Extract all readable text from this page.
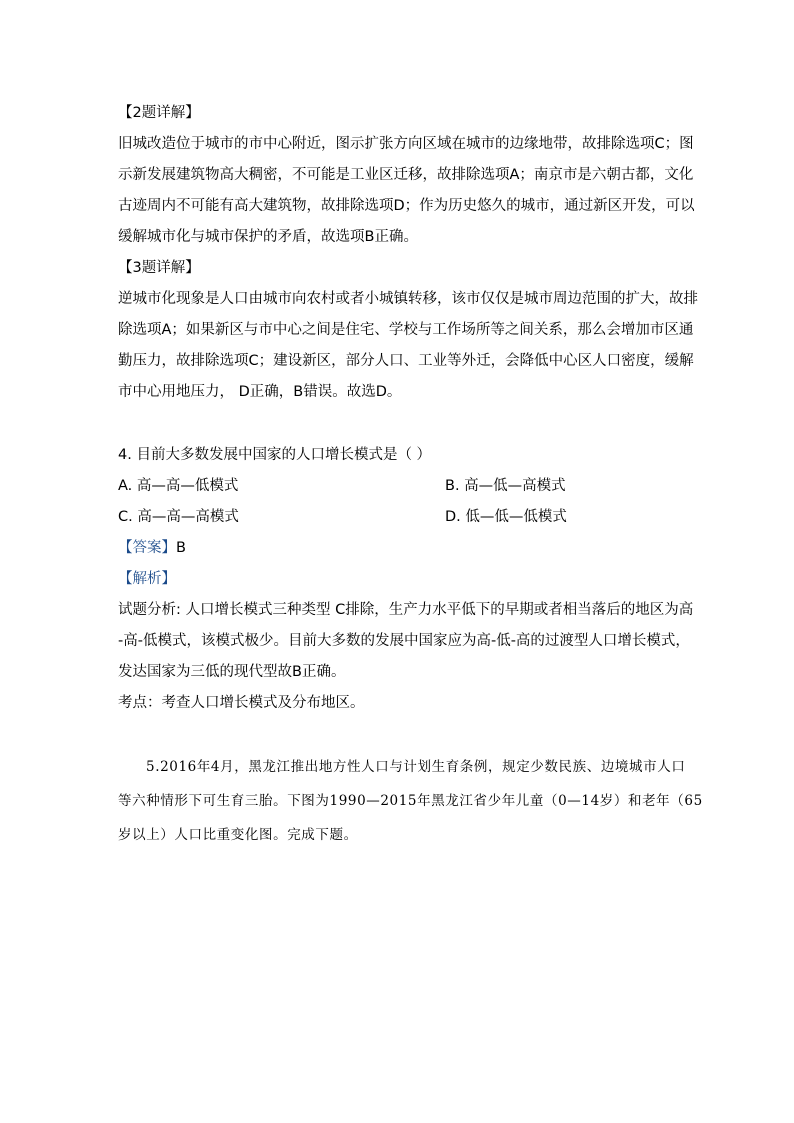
【2题详解】
旧城改造位于城市的市中心附近，图示扩张方向区域在城市的边缘地带，故排除选项C；图
示新发展建筑物高大稠密，不可能是工业区迁移，故排除选项A；南京市是六朝古都，文化
古迹周内不可能有高大建筑物，故排除选项D；作为历史悠久的城市，通过新区开发，可以
缓解城市化与城市保护的矛盾，故选项B正确。
【3题详解】
逆城市化现象是人口由城市向农村或者小城镇转移，该市仅仅是城市周边范围的扩大，故排
除选项A；如果新区与市中心之间是住宅、学校与工作场所等之间关系，那么会增加市区通
勤压力，故排除选项C；建设新区，部分人口、工业等外迁，会降低中心区人口密度，缓解
市中心用地压力， D正确，B错误。故选D。
4. 目前大多数发展中国家的人口增长模式是（ ）
A. 高—高—低模式	B. 高—低—高模式
C. 高—高—高模式	D. 低—低—低模式
【答案】B
【解析】
试题分析: 人口增长模式三种类型 C排除，生产力水平低下的早期或者相当落后的地区为高
-高-低模式，该模式极少。目前大多数的发展中国家应为高-低-高的过渡型人口增长模式，
发达国家为三低的现代型故B正确。
考点：考查人口增长模式及分布地区。
5.2016年4月，黑龙江推出地方性人口与计划生育条例，规定少数民族、边境城市人口
等六种情形下可生育三胎。下图为1990—2015年黑龙江省少年儿童（0—14岁）和老年（65
岁以上）人口比重变化图。完成下题。
